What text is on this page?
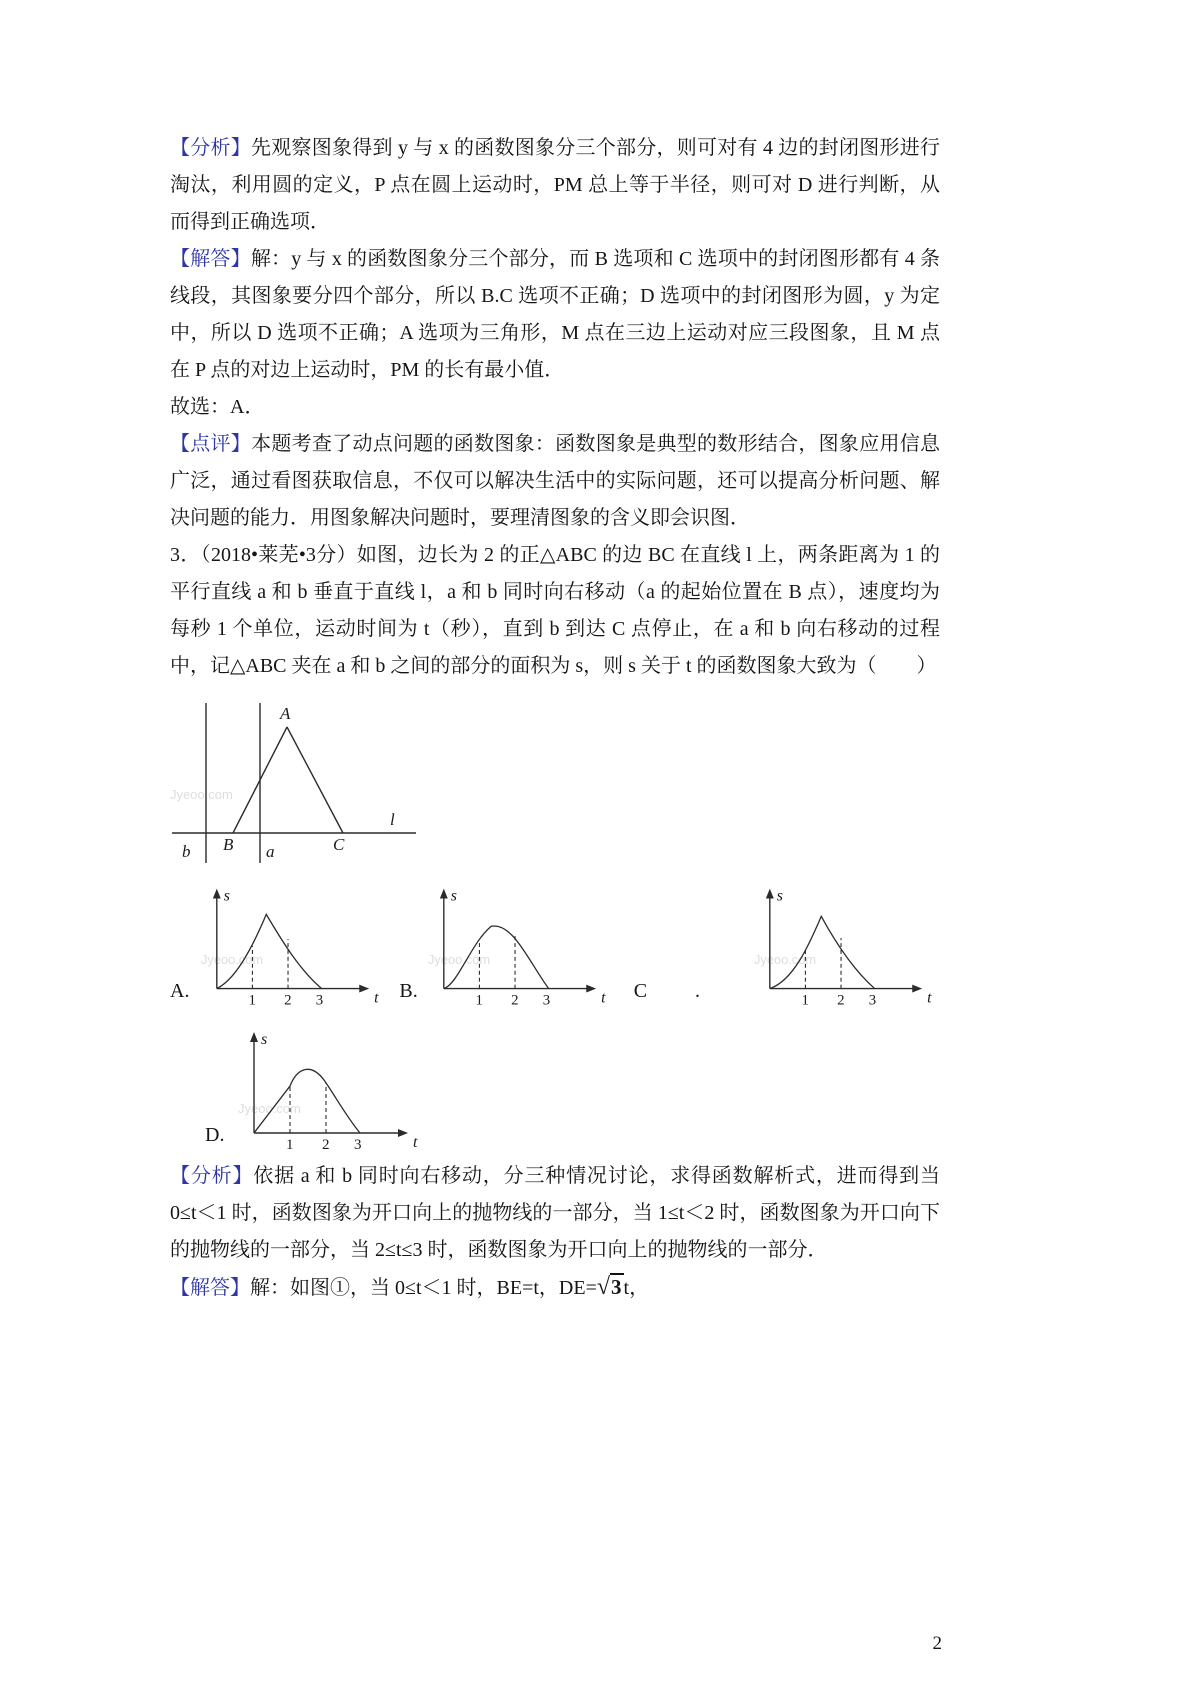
【分析】先观察图象得到 y 与 x 的函数图象分三个部分，则可对有 4 边的封闭图形进行淘汰，利用圆的定义，P 点在圆上运动时，PM 总上等于半径，则可对 D 进行判断，从而得到正确选项．

【解答】解：y 与 x 的函数图象分三个部分，而 B 选项和 C 选项中的封闭图形都有 4 条线段，其图象要分四个部分，所以 B.C 选项不正确；D 选项中的封闭图形为圆，y 为定中，所以 D 选项不正确；A 选项为三角形，M 点在三边上运动对应三段图象，且 M 点在 P 点的对边上运动时，PM 的长有最小值．

故选：A．

【点评】本题考查了动点问题的函数图象：函数图象是典型的数形结合，图象应用信息广泛，通过看图获取信息，不仅可以解决生活中的实际问题，还可以提高分析问题、解决问题的能力．用图象解决问题时，要理清图象的含义即会识图．

3．（2018•莱芜•3分）如图，边长为 2 的正△ABC 的边 BC 在直线 l 上，两条距离为 1 的平行直线 a 和 b 垂直于直线 l，a 和 b 同时向右移动（a 的起始位置在 B 点），速度均为每秒 1 个单位，运动时间为 t（秒），直到 b 到达 C 点停止，在 a 和 b 向右移动的过程中，记△ABC 夹在 a 和 b 之间的部分的面积为 s，则 s 关于 t 的函数图象大致为（　　）

Jyeoo.com
A
B	C
b	a
l
A.
Jyeoo.com
s
t
1 2 3	B.
Jyeoo.com
s
t
1 2 3	C .
Jyeoo.com
s
t
1 2 3
D.
Jyeoo.com
s
t
1 2 3

【分析】依据 a 和 b 同时向右移动，分三种情况讨论，求得函数解析式，进而得到当 0≤t＜1 时，函数图象为开口向上的抛物线的一部分，当 1≤t＜2 时，函数图象为开口向下的抛物线的一部分，当 2≤t≤3 时，函数图象为开口向上的抛物线的一部分．

【解答】解：如图①，当 0≤t＜1 时，BE=t，DE=√3 t，

2
